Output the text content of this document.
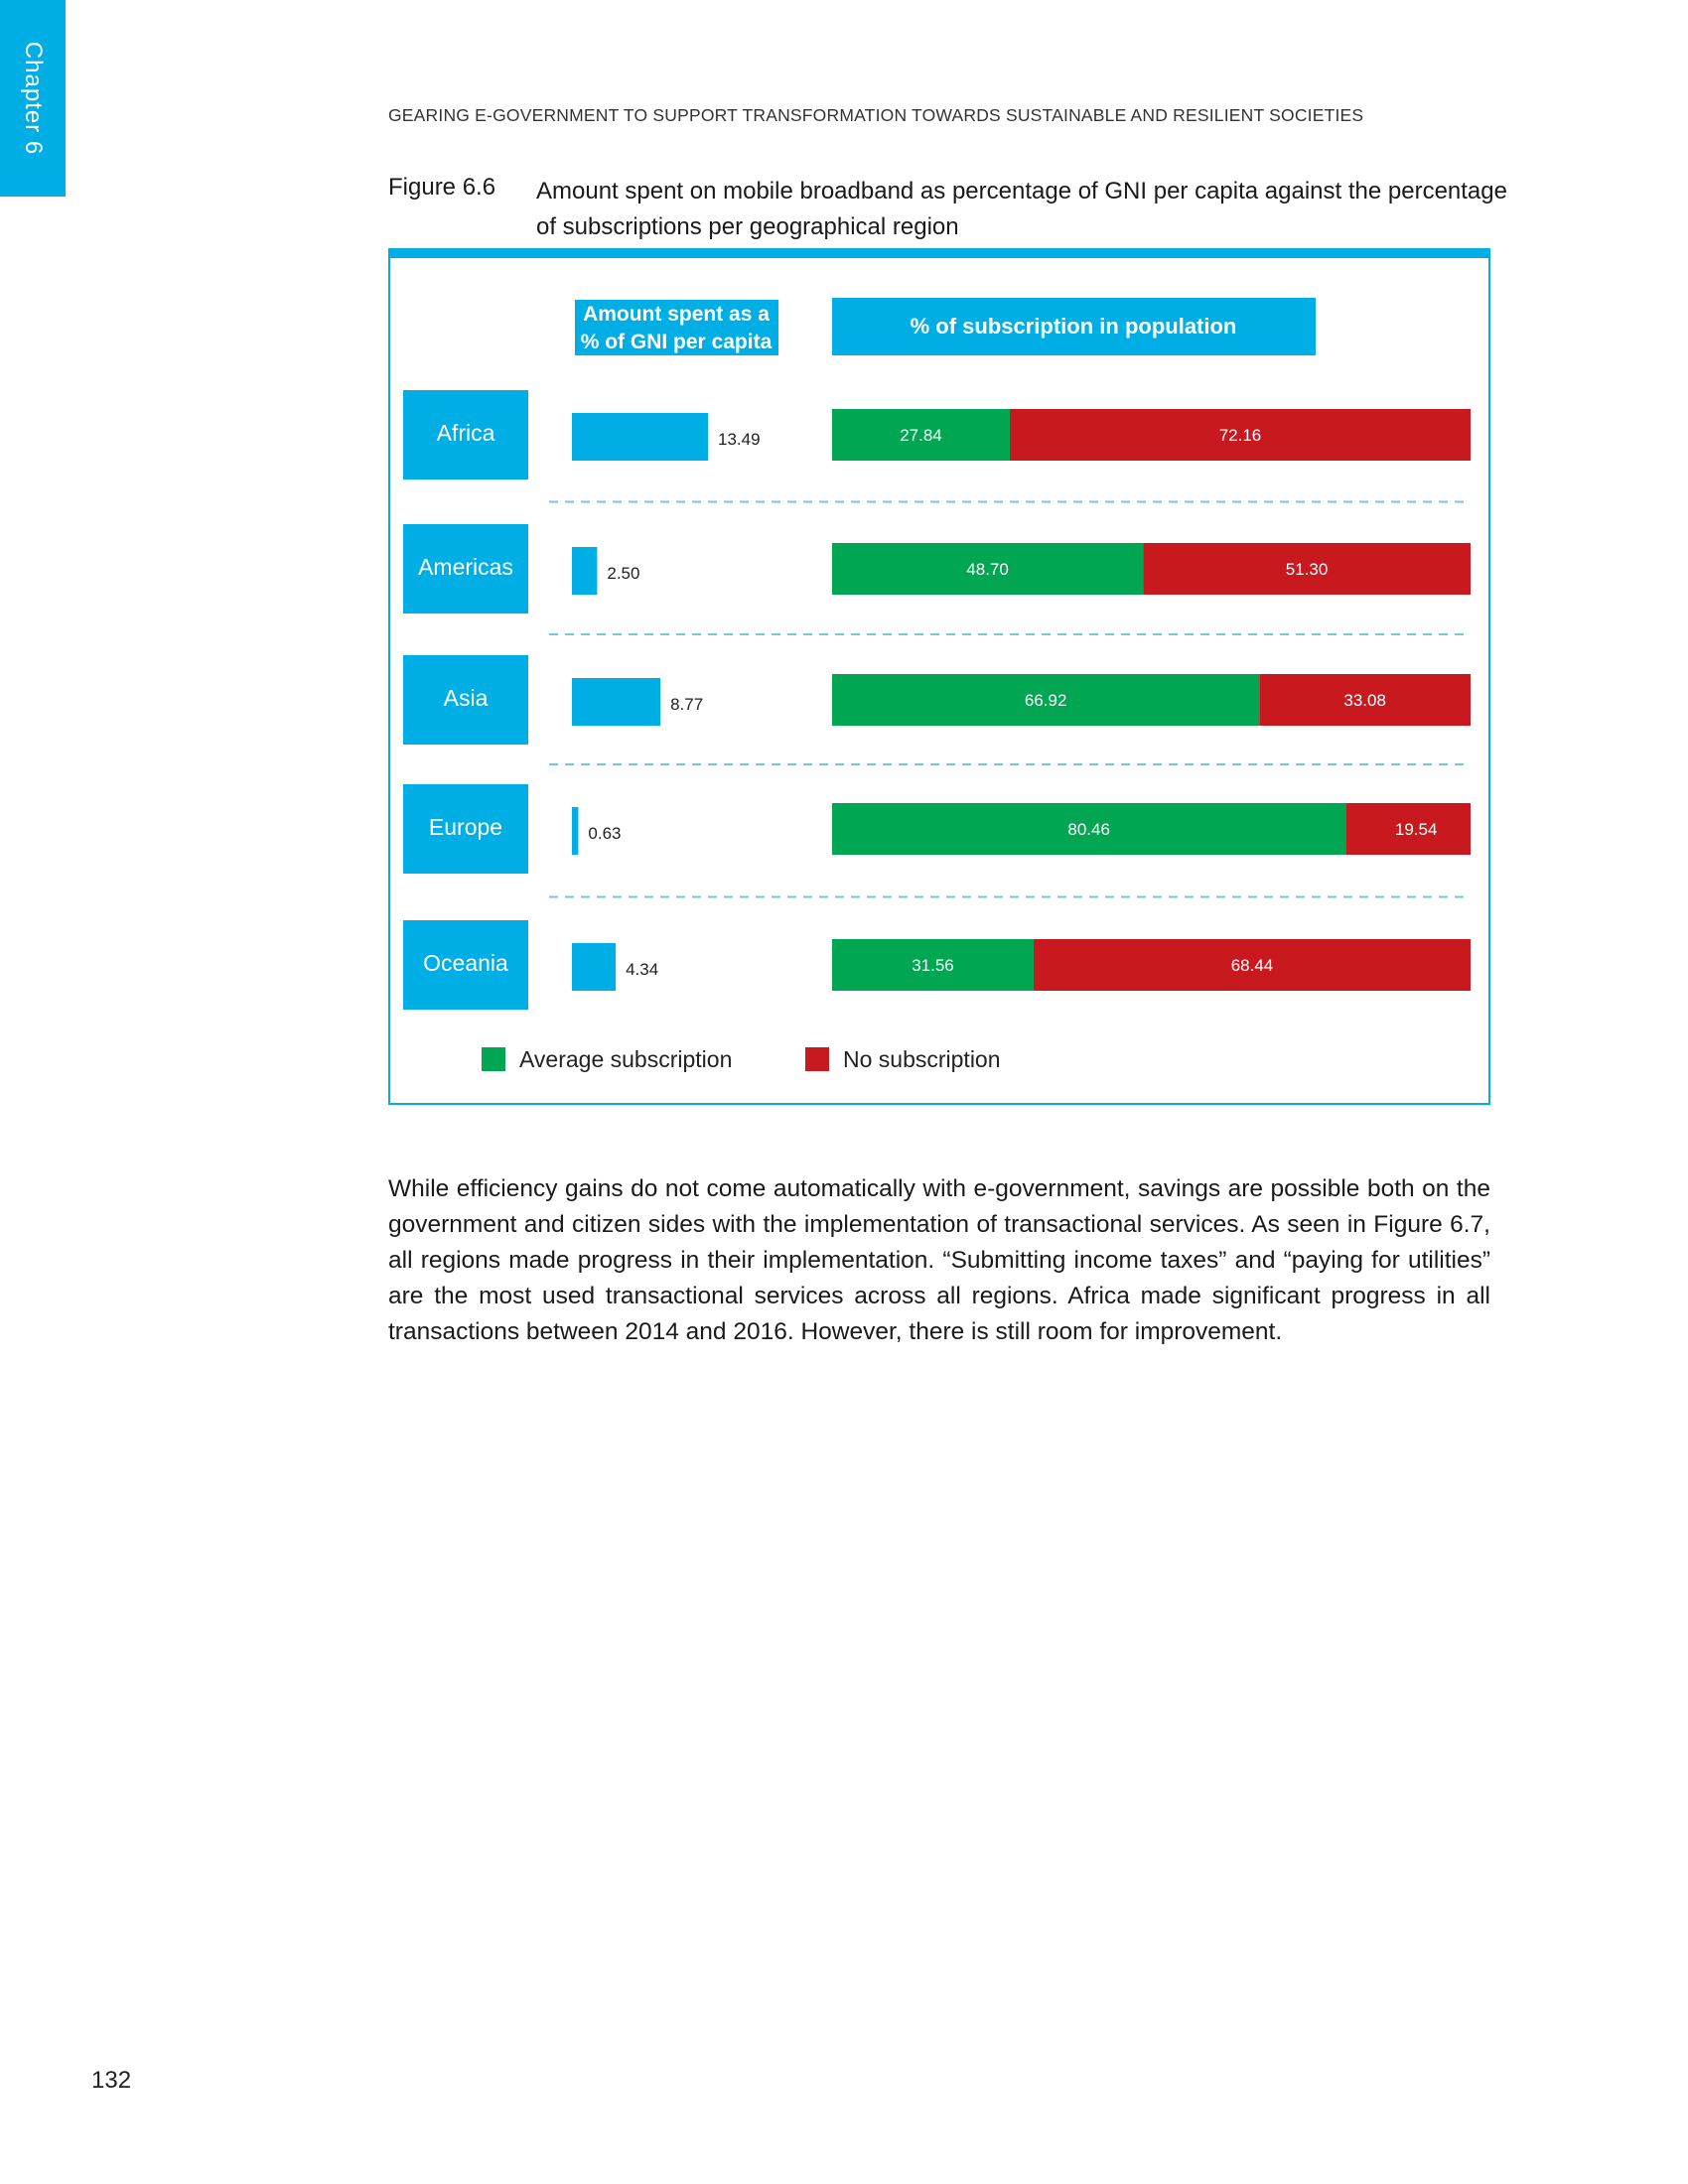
Chapter 6	GEARING E-GOVERNMENT TO SUPPORT TRANSFORMATION TOWARDS SUSTAINABLE AND RESILIENT SOCIETIES
Figure 6.6 Amount spent on mobile broadband as percentage of GNI per capita against the percentage of subscriptions per geographical region
Amount spent as a
% of GNI per capita
% of subscription in population
Africa	13.49	27.84	72.16
Americas	2.50	48.70	51.30
Asia	8.77	66.92	33.08
Europe	0.63	80.46	19.54
Oceania	4.34	31.56	68.44
Average subscription	No subscription

While efficiency gains do not come automatically with e-government, savings are possible both on the government and citizen sides with the implementation of transactional services. As seen in Figure 6.7, all regions made progress in their implementation. “Submitting income taxes” and “paying for utilities” are the most used transactional services across all regions. Africa made significant progress in all transactions between 2014 and 2016. However, there is still room for improvement.

132
